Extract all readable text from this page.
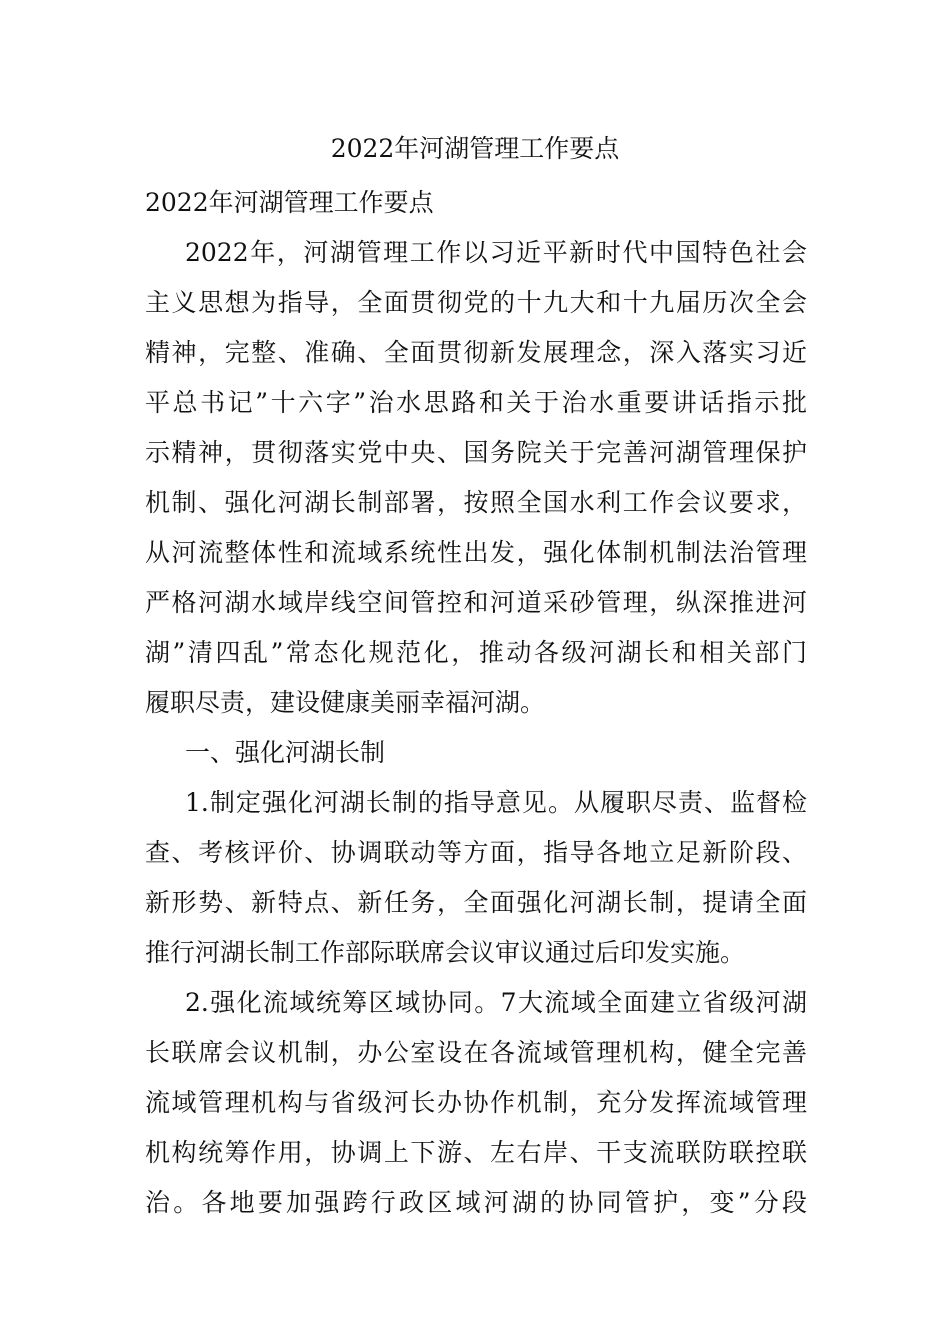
2022年河湖管理工作要点

2022年河湖管理工作要点

2022年，河湖管理工作以习近平新时代中国特色社会

主义思想为指导，全面贯彻党的十九大和十九届历次全会

精神，完整、准确、全面贯彻新发展理念，深入落实习近

平总书记”十六字”治水思路和关于治水重要讲话指示批

示精神，贯彻落实党中央、国务院关于完善河湖管理保护

机制、强化河湖长制部署，按照全国水利工作会议要求，

从河流整体性和流域系统性出发，强化体制机制法治管理

严格河湖水域岸线空间管控和河道采砂管理，纵深推进河

湖”清四乱”常态化规范化，推动各级河湖长和相关部门

履职尽责，建设健康美丽幸福河湖。

一、强化河湖长制

1.制定强化河湖长制的指导意见。从履职尽责、监督检

查、考核评价、协调联动等方面，指导各地立足新阶段、

新形势、新特点、新任务，全面强化河湖长制，提请全面

推行河湖长制工作部际联席会议审议通过后印发实施。

2.强化流域统筹区域协同。7大流域全面建立省级河湖

长联席会议机制，办公室设在各流域管理机构，健全完善

流域管理机构与省级河长办协作机制，充分发挥流域管理

机构统筹作用，协调上下游、左右岸、干支流联防联控联

治。各地要加强跨行政区域河湖的协同管护，变”分段
